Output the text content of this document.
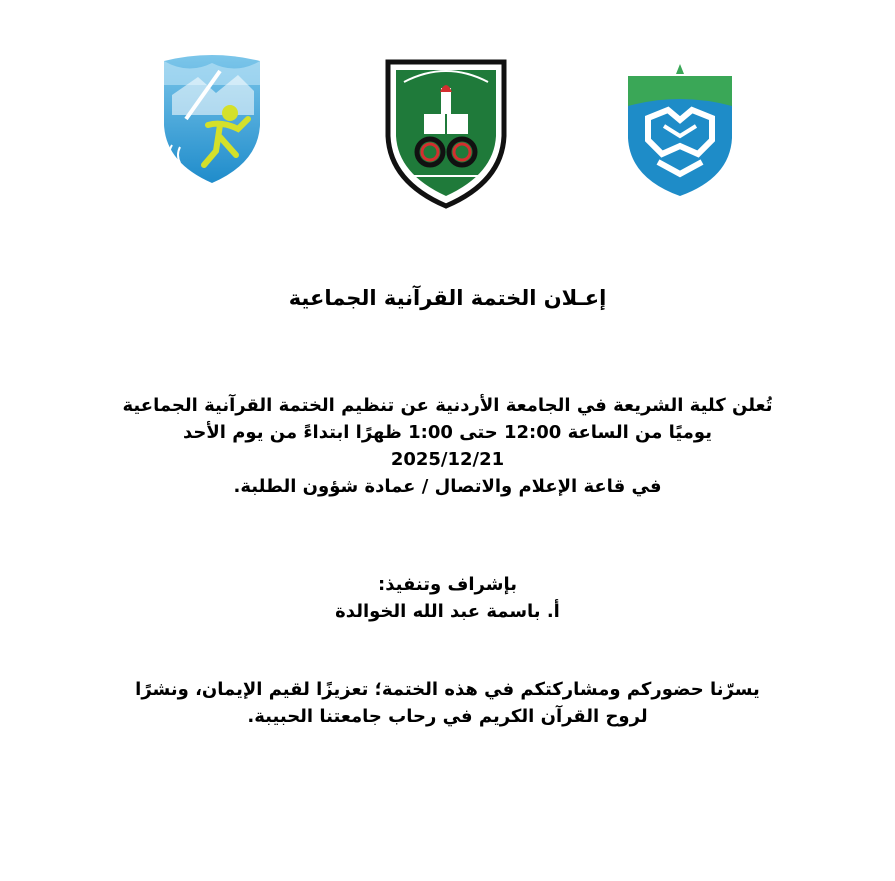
إعـلان الختمة القرآنية الجماعية
تُعلن كلية الشريعة في الجامعة الأردنية عن تنظيم الختمة القرآنية الجماعية
يوميًا من الساعة 12:00 حتى 1:00 ظهرًا ابتداءً من يوم الأحد
2025/12/21
في قاعة الإعلام والاتصال / عمادة شؤون الطلبة.
بإشراف وتنفيذ:
أ. باسمة عبد الله الخوالدة
يسرّنا حضوركم ومشاركتكم في هذه الختمة؛ تعزيزًا لقيم الإيمان، ونشرًا
لروح القرآن الكريم في رحاب جامعتنا الحبيبة.
